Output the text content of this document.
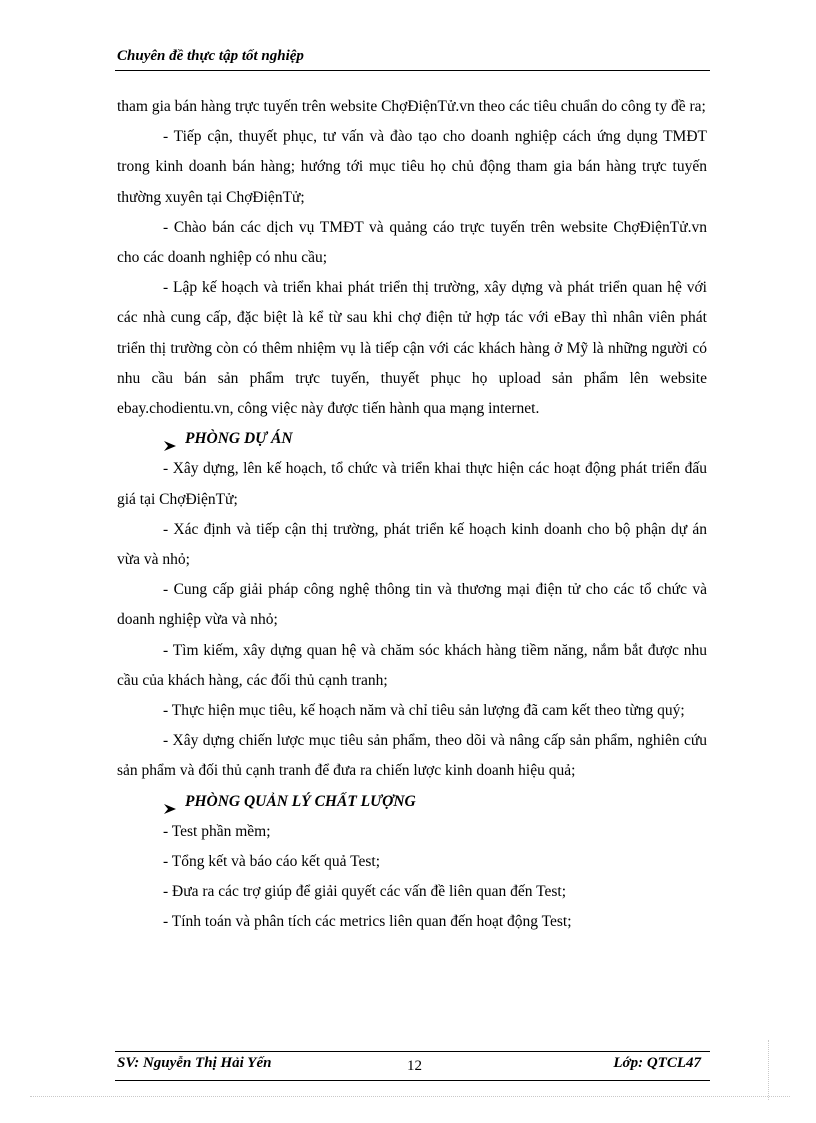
Chuyên đề thực tập tốt nghiệp

tham gia bán hàng trực tuyến trên website ChợĐiệnTử.vn theo các tiêu chuẩn do công ty đề ra;

- Tiếp cận, thuyết phục, tư vấn và đào tạo cho doanh nghiệp cách ứng dụng TMĐT trong kinh doanh bán hàng; hướng tới mục tiêu họ chủ động tham gia bán hàng trực tuyến thường xuyên tại ChợĐiệnTử;

- Chào bán các dịch vụ TMĐT và quảng cáo trực tuyến trên website ChợĐiệnTử.vn cho các doanh nghiệp có nhu cầu;

- Lập kế hoạch và triển khai phát triển thị trường, xây dựng và phát triển quan hệ với các nhà cung cấp, đặc biệt là kể từ sau khi chợ điện tử hợp tác với eBay thì nhân viên phát triển thị trường còn có thêm nhiệm vụ là tiếp cận với các khách hàng ở Mỹ là những người có nhu cầu bán sản phẩm trực tuyến, thuyết phục họ upload sản phẩm lên website ebay.chodientu.vn, công việc này được tiến hành qua mạng internet.

PHÒNG DỰ ÁN

- Xây dựng, lên kế hoạch, tổ chức và triển khai thực hiện các hoạt động phát triển đấu giá tại ChợĐiệnTử;

- Xác định và tiếp cận thị trường, phát triển kế hoạch kinh doanh cho bộ phận dự án vừa và nhỏ;

- Cung cấp giải pháp công nghệ thông tin và thương mại điện tử cho các tổ chức và doanh nghiệp vừa và nhỏ;

- Tìm kiếm, xây dựng quan hệ và chăm sóc khách hàng tiềm năng, nắm bắt được nhu cầu của khách hàng, các đối thủ cạnh tranh;

- Thực hiện mục tiêu, kế hoạch năm và chỉ tiêu sản lượng đã cam kết theo từng quý;

- Xây dựng chiến lược mục tiêu sản phẩm, theo dõi và nâng cấp sản phẩm, nghiên cứu sản phẩm và đối thủ cạnh tranh để đưa ra chiến lược kinh doanh hiệu quả;

PHÒNG QUẢN LÝ CHẤT LƯỢNG

- Test phần mềm;

- Tổng kết và báo cáo kết quả Test;

- Đưa ra các trợ giúp để giải quyết các vấn đề liên quan đến Test;

- Tính toán và phân tích các metrics liên quan đến hoạt động Test;

SV: Nguyễn Thị Hải Yến	12	Lớp: QTCL47
